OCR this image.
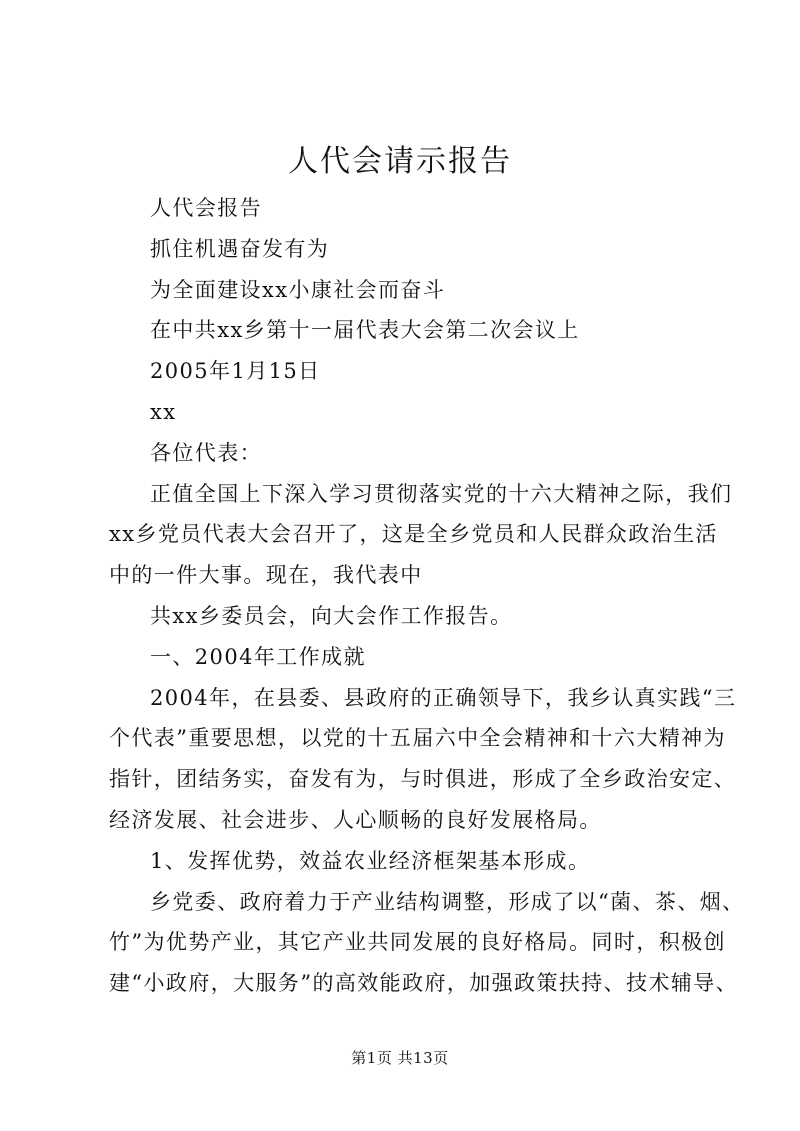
人代会请示报告
人代会报告
抓住机遇奋发有为
为全面建设xx小康社会而奋斗
在中共xx乡第十一届代表大会第二次会议上
2005年1月15日
xx
各位代表：
正值全国上下深入学习贯彻落实党的十六大精神之际，我们
xx乡党员代表大会召开了，这是全乡党员和人民群众政治生活
中的一件大事。现在，我代表中
共xx乡委员会，向大会作工作报告。
一、2004年工作成就
2004年，在县委、县政府的正确领导下，我乡认真实践“三
个代表”重要思想，以党的十五届六中全会精神和十六大精神为
指针，团结务实，奋发有为，与时俱进，形成了全乡政治安定、
经济发展、社会进步、人心顺畅的良好发展格局。
1、发挥优势，效益农业经济框架基本形成。
乡党委、政府着力于产业结构调整，形成了以“菌、茶、烟、
竹”为优势产业，其它产业共同发展的良好格局。同时，积极创
建“小政府，大服务”的高效能政府，加强政策扶持、技术辅导、
第1页 共13页
